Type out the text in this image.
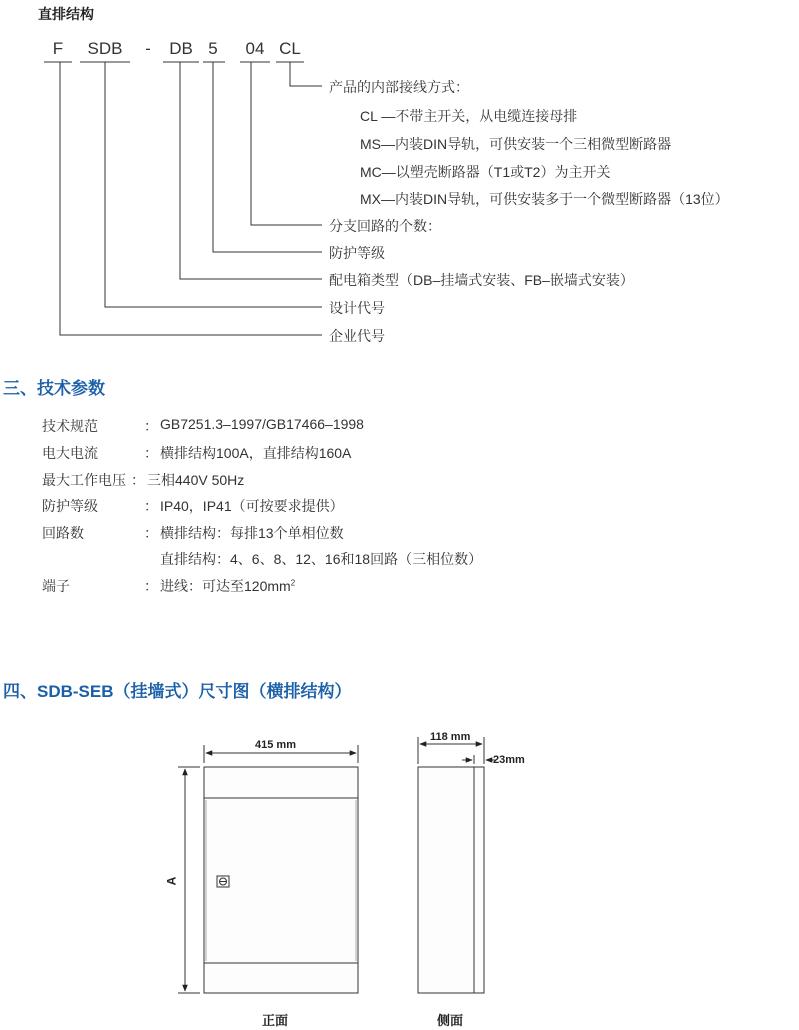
直排结构
F	SDB	-	DB 5	04 CL
产品的内部接线方式：
CL —不带主开关，从电缆连接母排
MS—内装DIN导轨，可供安装一个三相微型断路器
MC—以塑壳断路器（T1或T2）为主开关
MX—内装DIN导轨，可供安装多于一个微型断路器（13位）
分支回路的个数：
防护等级
配电箱类型（DB–挂墙式安装、FB–嵌墙式安装）
设计代号
企业代号
三、技术参数
技术规范	： GB7251.3–1997/GB17466–1998
电大电流	： 横排结构100A，直排结构160A
最大工作电压 ： 三相440V 50Hz
防护等级	： IP40，IP41（可按要求提供）
回路数	： 横排结构：每排13个单相位数
直排结构：4、6、8、12、16和18回路（三相位数）
端子	： 进线：可达至$120mm^2$
四、SDB-SEB（挂墙式）尺寸图（横排结构）
415 mm
A
118 mm
23mm
正面	侧面
